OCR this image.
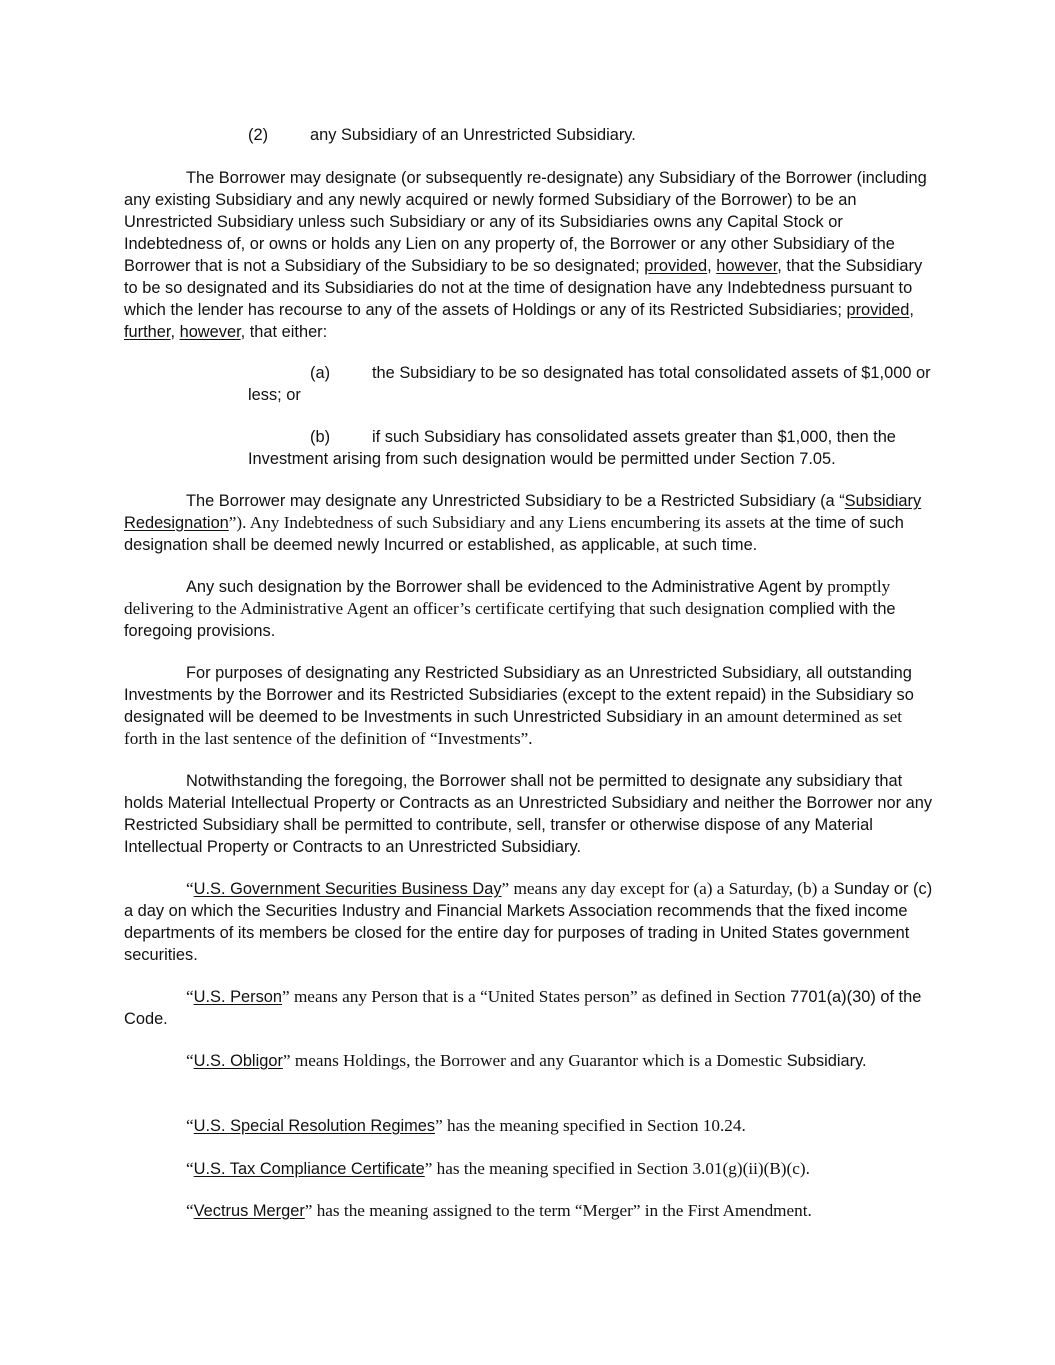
(2)	any Subsidiary of an Unrestricted Subsidiary.

The Borrower may designate (or subsequently re-designate) any Subsidiary of the Borrower (including any existing Subsidiary and any newly acquired or newly formed Subsidiary of the Borrower) to be an Unrestricted Subsidiary unless such Subsidiary or any of its Subsidiaries owns any Capital Stock or Indebtedness of, or owns or holds any Lien on any property of, the Borrower or any other Subsidiary of the Borrower that is not a Subsidiary of the Subsidiary to be so designated; provided, however, that the Subsidiary to be so designated and its Subsidiaries do not at the time of designation have any Indebtedness pursuant to which the lender has recourse to any of the assets of Holdings or any of its Restricted Subsidiaries; provided, further, however, that either:

(a)	the Subsidiary to be so designated has total consolidated assets of $1,000 or less; or

(b)	if such Subsidiary has consolidated assets greater than $1,000, then the Investment arising from such designation would be permitted under Section 7.05.

The Borrower may designate any Unrestricted Subsidiary to be a Restricted Subsidiary (a “Subsidiary Redesignation”). Any Indebtedness of such Subsidiary and any Liens encumbering its assets at the time of such designation shall be deemed newly Incurred or established, as applicable, at such time.

Any such designation by the Borrower shall be evidenced to the Administrative Agent by promptly delivering to the Administrative Agent an officer’s certificate certifying that such designation complied with the foregoing provisions.

For purposes of designating any Restricted Subsidiary as an Unrestricted Subsidiary, all outstanding Investments by the Borrower and its Restricted Subsidiaries (except to the extent repaid) in the Subsidiary so designated will be deemed to be Investments in such Unrestricted Subsidiary in an amount determined as set forth in the last sentence of the definition of “Investments”.

Notwithstanding the foregoing, the Borrower shall not be permitted to designate any subsidiary that holds Material Intellectual Property or Contracts as an Unrestricted Subsidiary and neither the Borrower nor any Restricted Subsidiary shall be permitted to contribute, sell, transfer or otherwise dispose of any Material Intellectual Property or Contracts to an Unrestricted Subsidiary.

“U.S. Government Securities Business Day” means any day except for (a) a Saturday, (b) a Sunday or (c) a day on which the Securities Industry and Financial Markets Association recommends that the fixed income departments of its members be closed for the entire day for purposes of trading in United States government securities.

“U.S. Person” means any Person that is a “United States person” as defined in Section 7701(a)(30) of the Code.

“U.S. Obligor” means Holdings, the Borrower and any Guarantor which is a Domestic Subsidiary.

“U.S. Special Resolution Regimes” has the meaning specified in Section 10.24.

“U.S. Tax Compliance Certificate” has the meaning specified in Section 3.01(g)(ii)(B)(c).

“Vectrus Merger” has the meaning assigned to the term “Merger” in the First Amendment.
